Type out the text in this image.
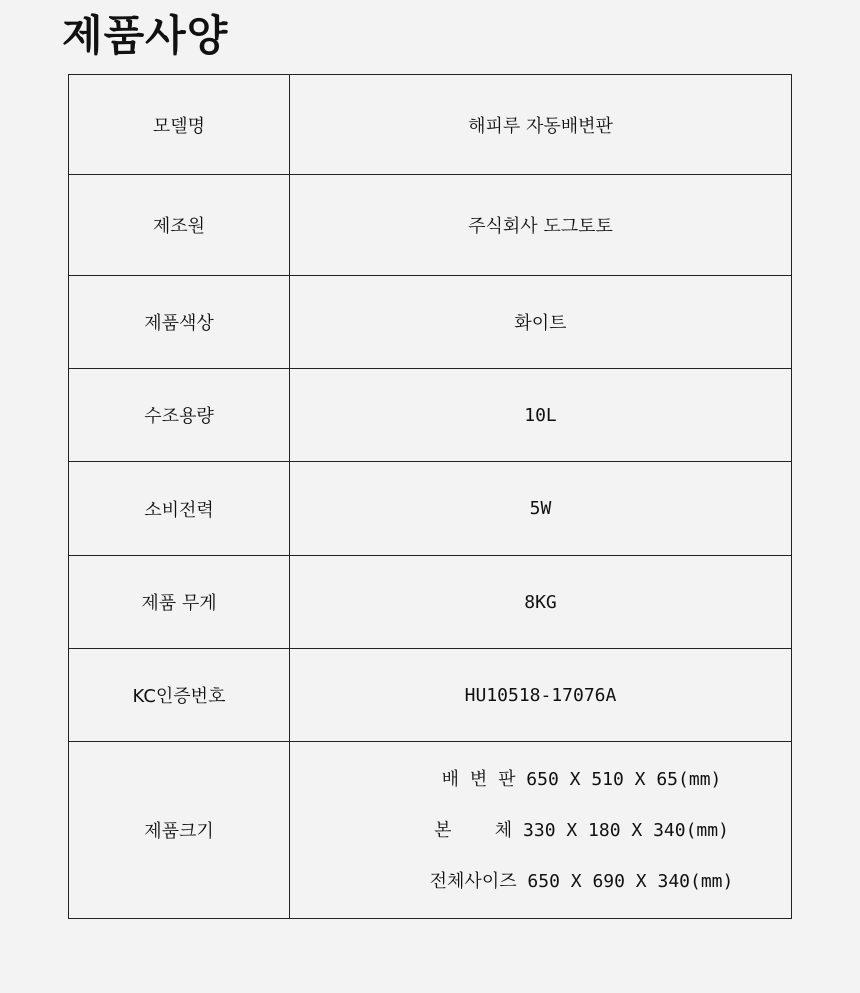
제품사양
모델명	해피루 자동배변판
제조원	주식회사 도그토토
제품색상	화이트
수조용량	10L
소비전력	5W
제품 무게	8KG
KC인증번호	HU10518-17076A
제품크기	배 변 판 650 X 510 X 65(mm)
본    체 330 X 180 X 340(mm)
전체사이즈 650 X 690 X 340(mm)
